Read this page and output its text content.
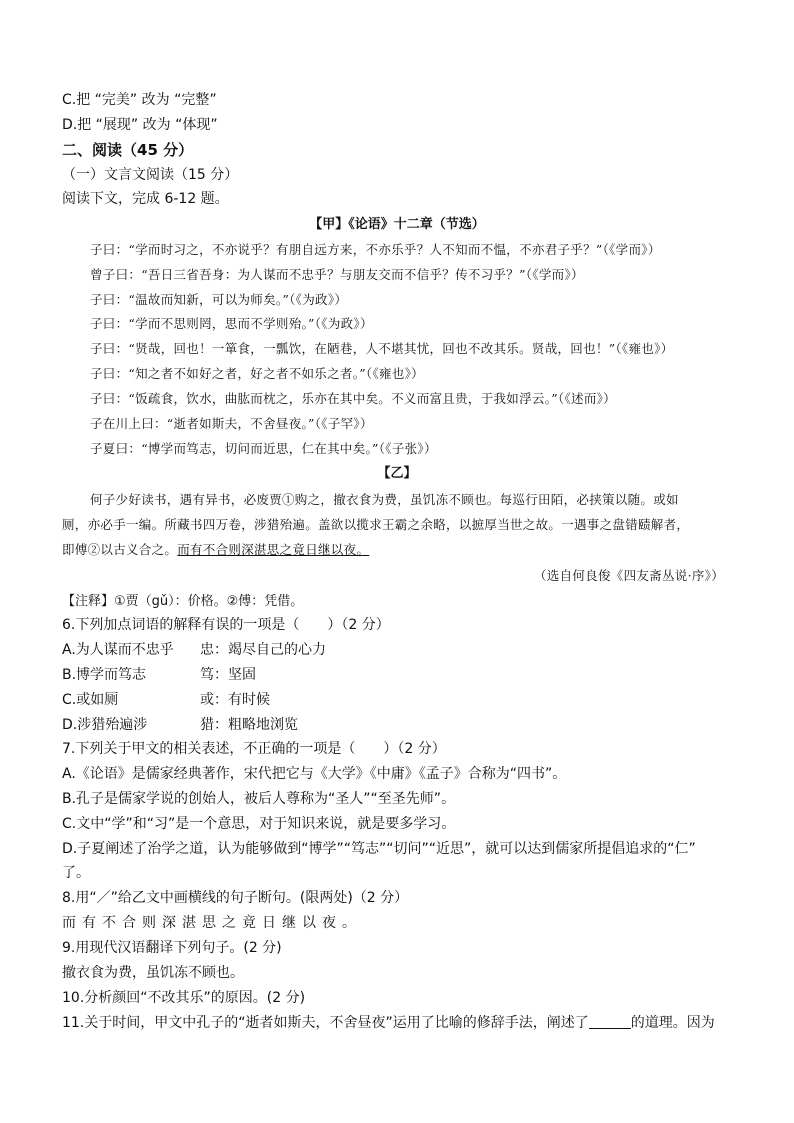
C.把 “完美” 改为 “完整”
D.把 “展现” 改为 “体现”
二、阅读（45 分）
（一）文言文阅读（15 分）
阅读下文，完成 6-12 题。
【甲】《论语》十二章（节选）
子曰：“学而时习之，不亦说乎？有朋自远方来，不亦乐乎？人不知而不愠，不亦君子乎？”（《学而》）
曾子曰：“吾日三省吾身：为人谋而不忠乎？与朋友交而不信乎？传不习乎？”（《学而》）
子曰：“温故而知新，可以为师矣。”（《为政》）
子曰：“学而不思则罔，思而不学则殆。”（《为政》）
子曰：“贤哉，回也！一箪食，一瓢饮，在陋巷，人不堪其忧，回也不改其乐。贤哉，回也！”（《雍也》）
子曰：“知之者不如好之者，好之者不如乐之者。”（《雍也》）
子曰：“饭疏食，饮水，曲肱而枕之，乐亦在其中矣。不义而富且贵，于我如浮云。”（《述而》）
子在川上曰：“逝者如斯夫，不舍昼夜。”（《子罕》）
子夏曰：“博学而笃志，切问而近思，仁在其中矣。”（《子张》）
【乙】
何子少好读书，遇有异书，必废贾①购之，撤衣食为费，虽饥冻不顾也。每巡行田陌，必挟策以随。或如
厕，亦必手一编。所藏书四万卷，涉猎殆遍。盖欲以揽求王霸之余略，以摭厚当世之故。一遇事之盘错赜解者，
即傅②以古义合之。而有不合则深湛思之竟日继以夜。
（选自何良俊《四友斋丛说·序》）
【注释】①贾（gǔ）：价格。②傅：凭借。
6.下列加点词语的解释有误的一项是（　　）（2 分）
A.为人谋而不忠乎 忠：竭尽自己的心力
B.博学而笃志	笃：坚固
C.或如厕	或：有时候
D.涉猎殆遍涉	猎：粗略地浏览
7.下列关于甲文的相关表述，不正确的一项是（　　）（2 分）
A.《论语》是儒家经典著作，宋代把它与《大学》《中庸》《孟子》合称为“四书”。
B.孔子是儒家学说的创始人，被后人尊称为“圣人”“至圣先师”。
C.文中“学”和“习”是一个意思，对于知识来说，就是要多学习。
D.子夏阐述了治学之道，认为能够做到“博学”“笃志”“切问”“近思”，就可以达到儒家所提倡追求的“仁”
了。
8.用“／”给乙文中画横线的句子断句。(限两处)（2 分）
而有不合则深湛思之竟日继以夜。
9.用现代汉语翻译下列句子。(2 分)
撤衣食为费，虽饥冻不顾也。
10.分析颜回“不改其乐”的原因。(2 分)
11.关于时间，甲文中孔子的“逝者如斯夫，不舍昼夜”运用了比喻的修辞手法，阐述了	的道理。因为
